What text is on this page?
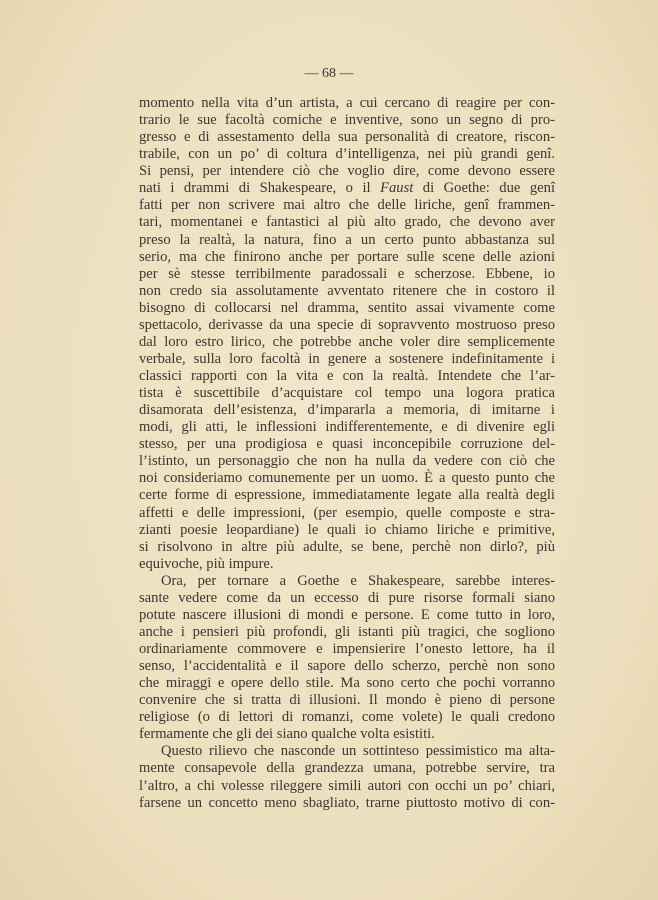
— 68 —
momento nella vita d’un artista, a cui cercano di reagire per con-
trario le sue facoltà comiche e inventive, sono un segno di pro-
gresso e di assestamento della sua personalità di creatore, riscon-
trabile, con un po’ di coltura d’intelligenza, nei più grandi genî.
Si pensi, per intendere ciò che voglio dire, come devono essere
nati i drammi di Shakespeare, o il Faust di Goethe: due genî
fatti per non scrivere mai altro che delle liriche, genî frammen-
tari, momentanei e fantastici al più alto grado, che devono aver
preso la realtà, la natura, fino a un certo punto abbastanza sul
serio, ma che finirono anche per portare sulle scene delle azioni
per sè stesse terribilmente paradossali e scherzose. Ebbene, io
non credo sia assolutamente avventato ritenere che in costoro il
bisogno di collocarsi nel dramma, sentito assai vivamente come
spettacolo, derivasse da una specie di sopravvento mostruoso preso
dal loro estro lirico, che potrebbe anche voler dire semplicemente
verbale, sulla loro facoltà in genere a sostenere indefinitamente i
classici rapporti con la vita e con la realtà. Intendete che l’ar-
tista è suscettibile d’acquistare col tempo una logora pratica
disamorata dell’esistenza, d’impararla a memoria, di imitarne i
modi, gli atti, le inflessioni indifferentemente, e di divenire egli
stesso, per una prodigiosa e quasi inconcepibile corruzione del-
l’istinto, un personaggio che non ha nulla da vedere con ciò che
noi consideriamo comunemente per un uomo. È a questo punto che
certe forme di espressione, immediatamente legate alla realtà degli
affetti e delle impressioni, (per esempio, quelle composte e stra-
zianti poesie leopardiane) le quali io chiamo liriche e primitive,
si risolvono in altre più adulte, se bene, perchè non dirlo?, più
equivoche, più impure.
Ora, per tornare a Goethe e Shakespeare, sarebbe interes-
sante vedere come da un eccesso di pure risorse formali siano
potute nascere illusioni di mondi e persone. E come tutto in loro,
anche i pensieri più profondi, gli istanti più tragici, che sogliono
ordinariamente commovere e impensierire l’onesto lettore, ha il
senso, l’accidentalità e il sapore dello scherzo, perchè non sono
che miraggi e opere dello stile. Ma sono certo che pochi vorranno
convenire che si tratta di illusioni. Il mondo è pieno di persone
religiose (o di lettori di romanzi, come volete) le quali credono
fermamente che gli dei siano qualche volta esistiti.
Questo rilievo che nasconde un sottinteso pessimistico ma alta-
mente consapevole della grandezza umana, potrebbe servire, tra
l’altro, a chi volesse rileggere simili autori con occhi un po’ chiari,
farsene un concetto meno sbagliato, trarne piuttosto motivo di con-
